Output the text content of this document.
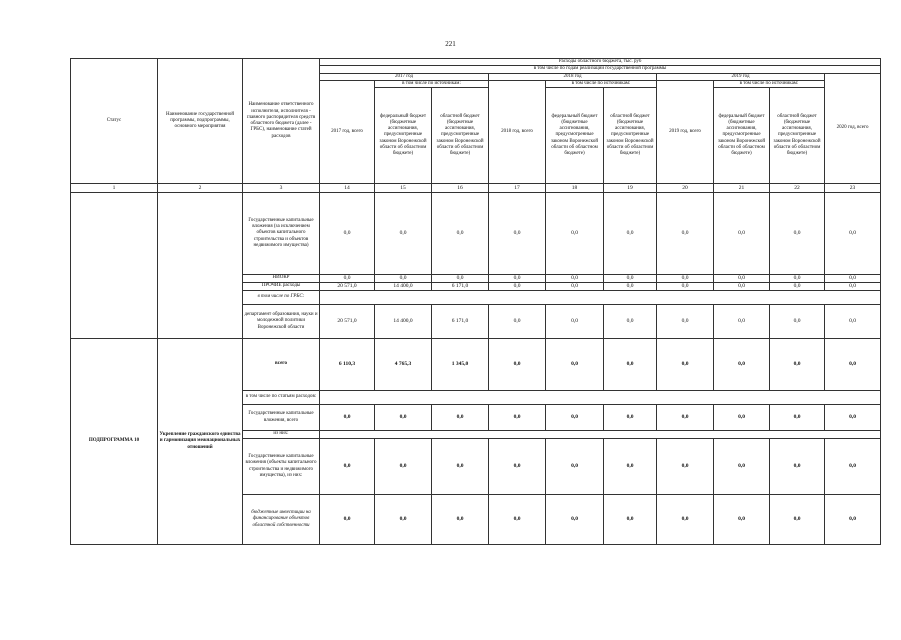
221
Статус	Наименование государственной программы, подпрограммы, основного мероприятия	Наименование ответственного исполнителя, исполнителя - главного распорядителя средств областного бюджета (далее - ГРБС), наименование статей расходов	Расходы областного бюджета, тыс. руб									
			в том числе по годам реализации государственной программы									
			2017 год			2018 год			2019 год			2020 год, всего
			2017 год, всего	в том числе по источникам:		2018 год, всего	в том числе по источникам:		2019 год, всего	в том числе по источникам:		
				федеральный бюджет (бюджетные ассигнования, предусмотренные законом Воронежской области об областном бюджете)	областной бюджет (бюджетные ассигнования, предусмотренные законом Воронежской области об областном бюджете)		федеральный бюджет (бюджетные ассигнования, предусмотренные законом Воронежской области об областном бюджете)	областной бюджет (бюджетные ассигнования, предусмотренные законом Воронежской области об областном бюджете)		федеральный бюджет (бюджетные ассигнования, предусмотренные законом Воронежской области об областном бюджете)	областной бюджет (бюджетные ассигнования, предусмотренные законом Воронежской области об областном бюджете)	
1	2	3	14	15	16	17	18	19	20	21	22	23
		Государственные капитальные вложения (за исключением объектов капитального строительства и объектов недвижимого имущества)	0,0	0,0	0,0	0,0	0,0	0,0	0,0	0,0	0,0	0,0
		НИОКР	0,0	0,0	0,0	0,0	0,0	0,0	0,0	0,0	0,0	0,0
		ПРОЧИЕ расходы	20 571,0	14 400,0	6 171,0	0,0	0,0	0,0	0,0	0,0	0,0	0,0
		в том числе по ГРБС:										
		департамент образования, науки и молодежной политики Воронежской области	20 571,0	14 400,0	6 171,0	0,0	0,0	0,0	0,0	0,0	0,0	0,0
ПОДПРОГРАММА 10	Укрепление гражданского единства и гармонизация межнациональных отношений	всего	6 110,3	4 765,3	1 345,0	0,0	0,0	0,0	0,0	0,0	0,0	0,0
		в том числе по статьям расходов:										
		Государственные капитальные вложения, всего	0,0	0,0	0,0	0,0	0,0	0,0	0,0	0,0	0,0	0,0
		из них:										
		Государственные капитальные вложения (объекты капитального строительства и недвижимого имущества), из них:	0,0	0,0	0,0	0,0	0,0	0,0	0,0	0,0	0,0	0,0
		бюджетные инвестиции на финансирование объектов областной собственности	0,0	0,0	0,0	0,0	0,0	0,0	0,0	0,0	0,0	0,0
